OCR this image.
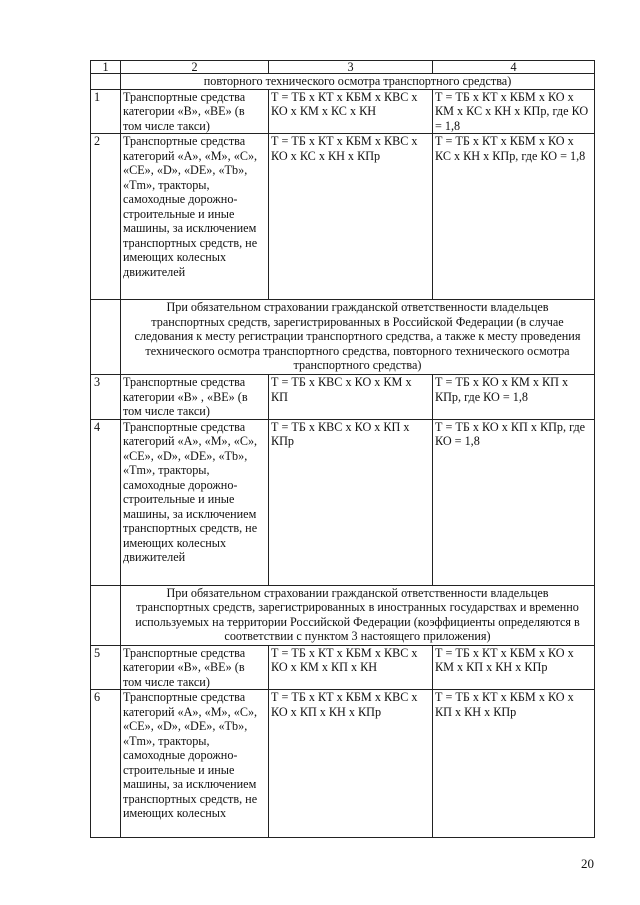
1	2	3	4
	повторного технического осмотра транспортного средства)		
1	Транспортные средства категории «B», «BE» (в том числе такси)	Т = ТБ х КТ х КБМ х КВС х КО х КМ х КС х КН	Т = ТБ х КТ х КБМ х КО х КМ х КС х КН х КПр, где КО = 1,8
2	Транспортные средства категорий «A», «M», «C», «CE», «D», «DE», «Tb», «Tm», тракторы, самоходные дорожно-строительные и иные машины, за исключением транспортных средств, не имеющих колесных движителей	Т = ТБ х КТ х КБМ х КВС х КО х КС х КН х КПр	Т = ТБ х КТ х КБМ х КО х КС х КН х КПр, где КО = 1,8
	При обязательном страховании гражданской ответственности владельцев транспортных средств, зарегистрированных в Российской Федерации (в случае следования к месту регистрации транспортного средства, а также к месту проведения технического осмотра транспортного средства, повторного технического осмотра транспортного средства)		
3	Транспортные средства категории «B» , «BE» (в том числе такси)	Т = ТБ х КВС х КО х КМ х КП	Т = ТБ х КО х КМ х КП х КПр, где КО = 1,8
4	Транспортные средства категорий «A», «M», «C», «CE», «D», «DE», «Tb», «Tm», тракторы, самоходные дорожно-строительные и иные машины, за исключением транспортных средств, не имеющих колесных движителей	Т = ТБ х КВС х КО х КП х КПр	Т = ТБ х КО х КП х КПр, где КО = 1,8
	При обязательном страховании гражданской ответственности владельцев транспортных средств, зарегистрированных в иностранных государствах и временно используемых на территории Российской Федерации (коэффициенты определяются в соответствии с пунктом 3 настоящего приложения)		
5	Транспортные средства категории «B», «BE» (в том числе такси)	Т = ТБ х КТ х КБМ х КВС х КО х КМ х КП х КН	Т = ТБ х КТ х КБМ х КО х КМ х КП х КН х КПр
6	Транспортные средства категорий «A», «M», «C», «CE», «D», «DE», «Tb», «Tm», тракторы, самоходные дорожно-строительные и иные машины, за исключением транспортных средств, не имеющих колесных	Т = ТБ х КТ х КБМ х КВС х КО х КП х КН х КПр	Т = ТБ х КТ х КБМ х КО х КП х КН х КПр
20
